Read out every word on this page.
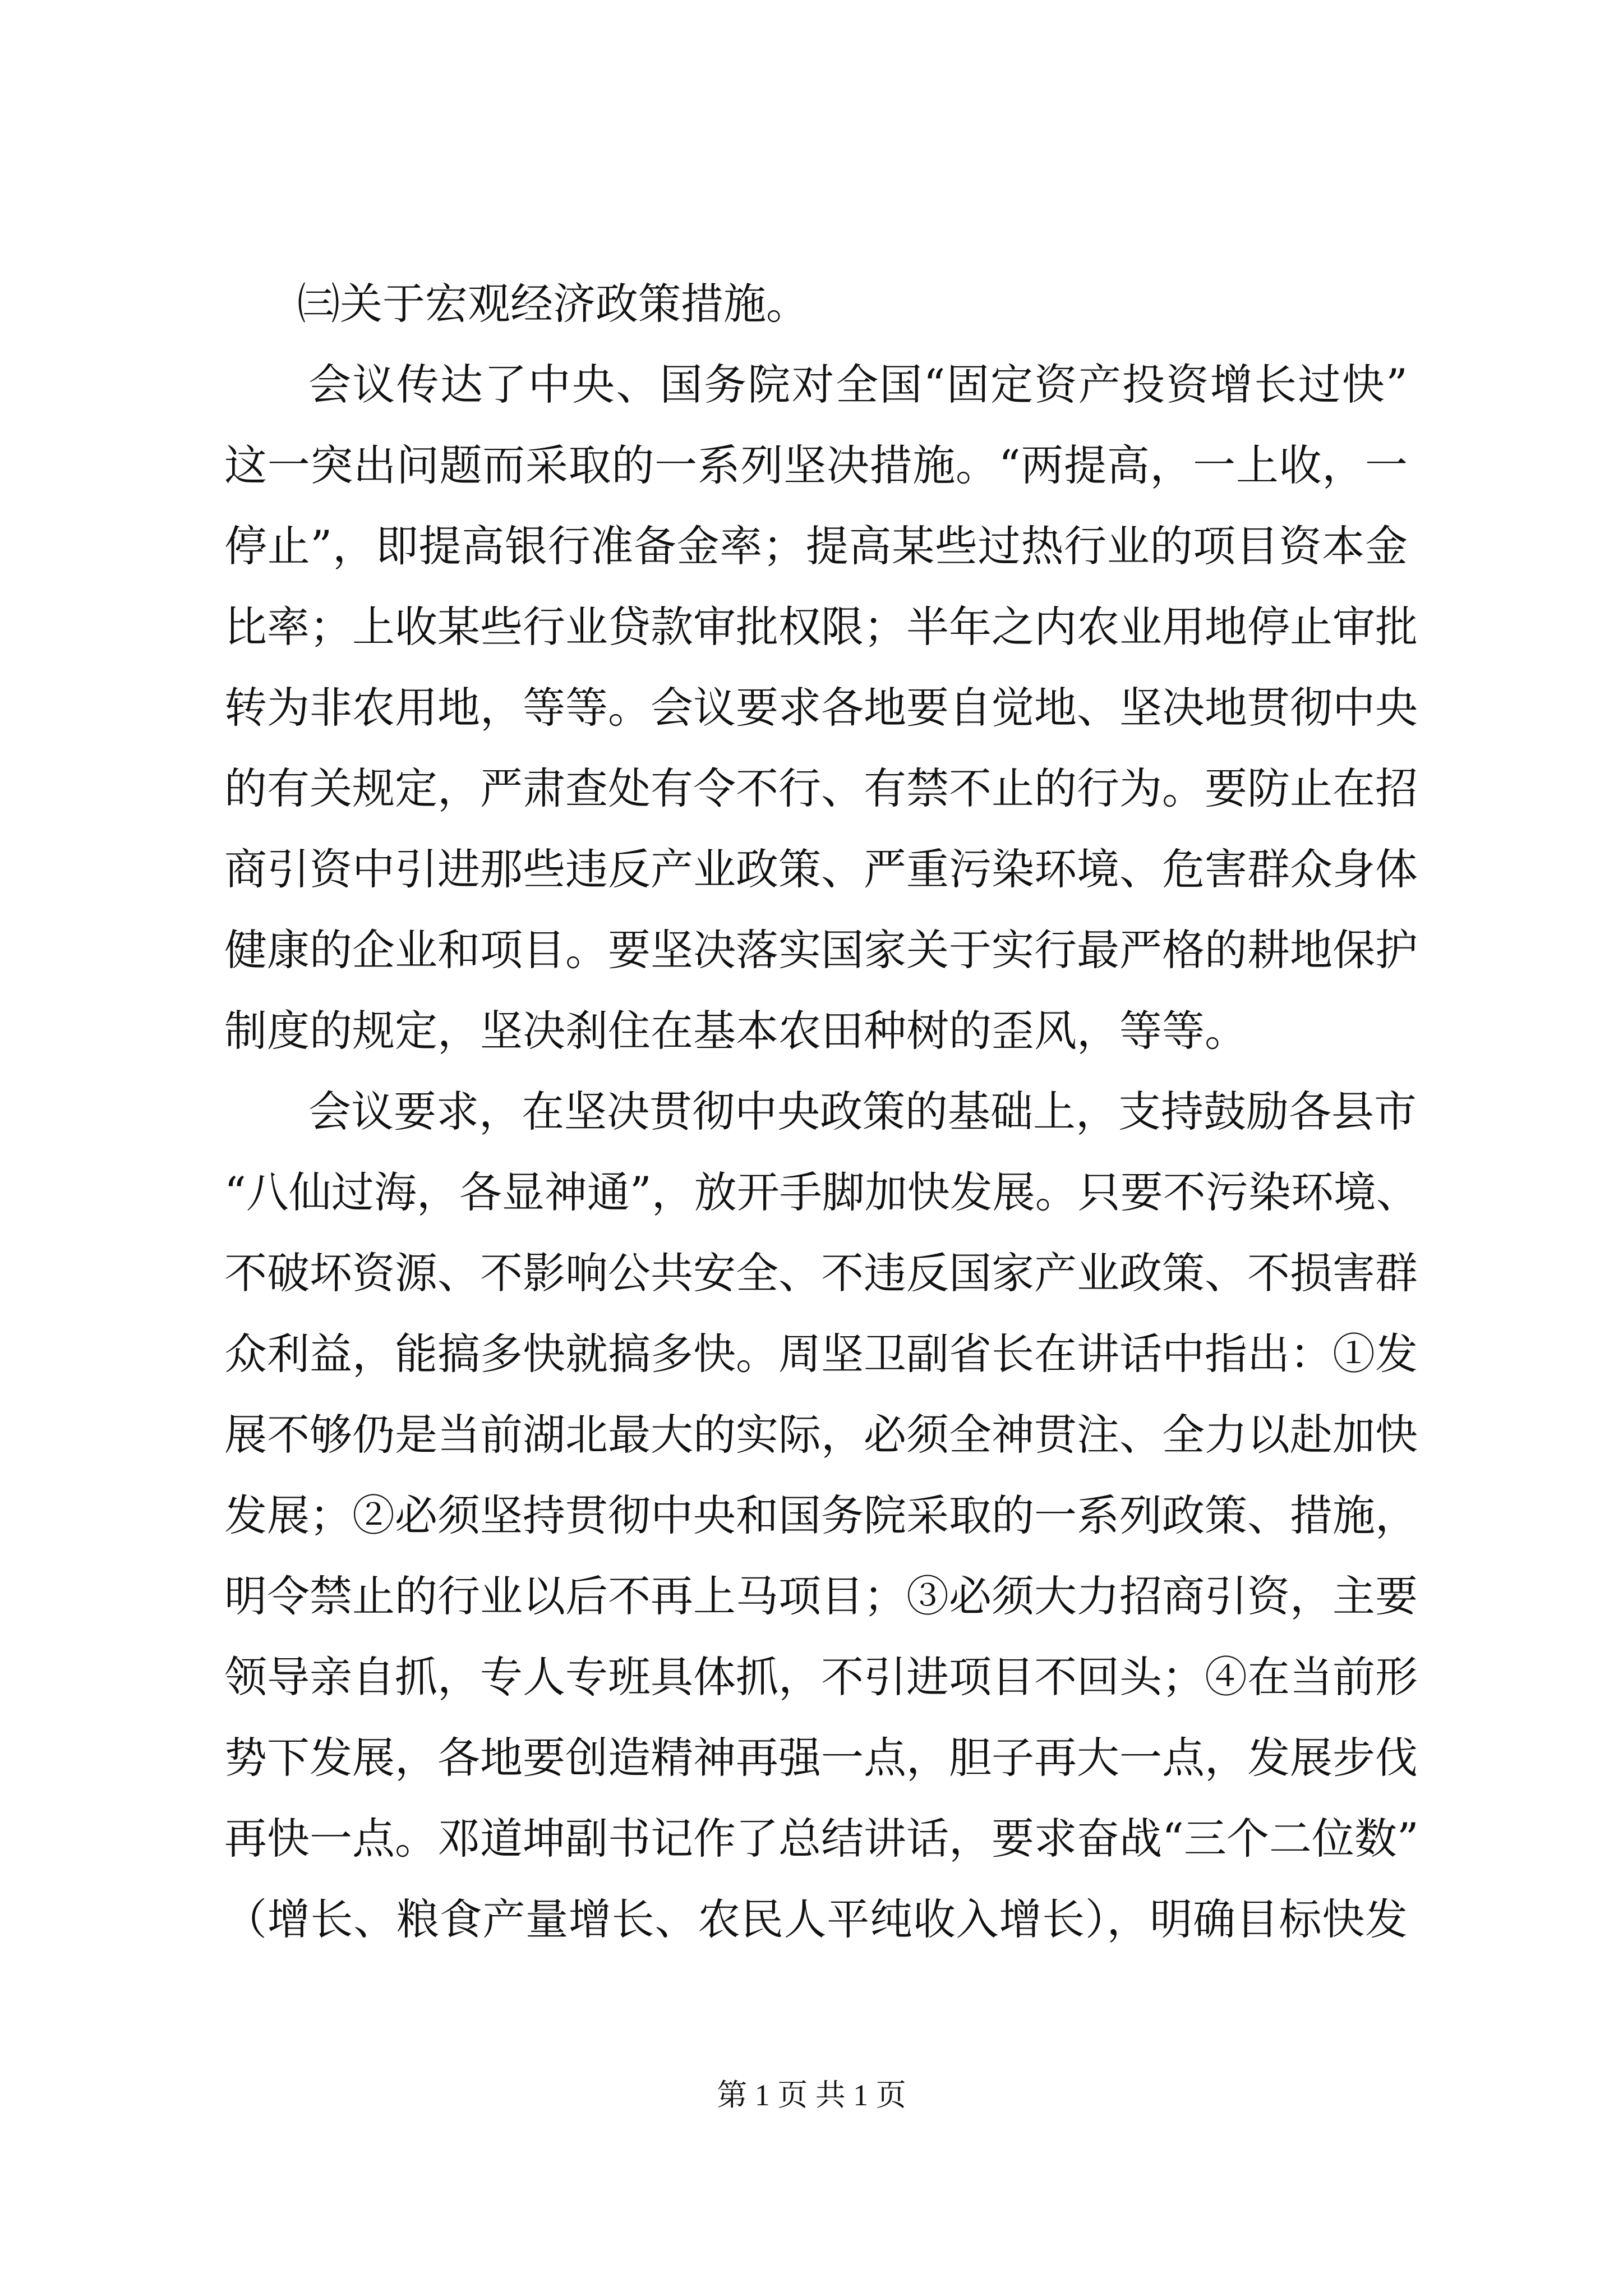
㈢关于宏观经济政策措施。

会议传达了中央、国务院对全国“固定资产投资增长过快”
这一突出问题而采取的一系列坚决措施。“两提高，一上收，一
停止”，即提高银行准备金率；提高某些过热行业的项目资本金
比率；上收某些行业贷款审批权限；半年之内农业用地停止审批
转为非农用地，等等。会议要求各地要自觉地、坚决地贯彻中央
的有关规定，严肃查处有令不行、有禁不止的行为。要防止在招
商引资中引进那些违反产业政策、严重污染环境、危害群众身体
健康的企业和项目。要坚决落实国家关于实行最严格的耕地保护
制度的规定，坚决刹住在基本农田种树的歪风，等等。

会议要求，在坚决贯彻中央政策的基础上，支持鼓励各县市
“八仙过海，各显神通”，放开手脚加快发展。只要不污染环境、
不破坏资源、不影响公共安全、不违反国家产业政策、不损害群
众利益，能搞多快就搞多快。周坚卫副省长在讲话中指出：①发
展不够仍是当前湖北最大的实际，必须全神贯注、全力以赴加快
发展；②必须坚持贯彻中央和国务院采取的一系列政策、措施，
明令禁止的行业以后不再上马项目；③必须大力招商引资，主要
领导亲自抓，专人专班具体抓，不引进项目不回头；④在当前形
势下发展，各地要创造精神再强一点，胆子再大一点，发展步伐
再快一点。邓道坤副书记作了总结讲话，要求奋战“三个二位数”
（增长、粮食产量增长、农民人平纯收入增长），明确目标快发

第 1 页 共 1 页
